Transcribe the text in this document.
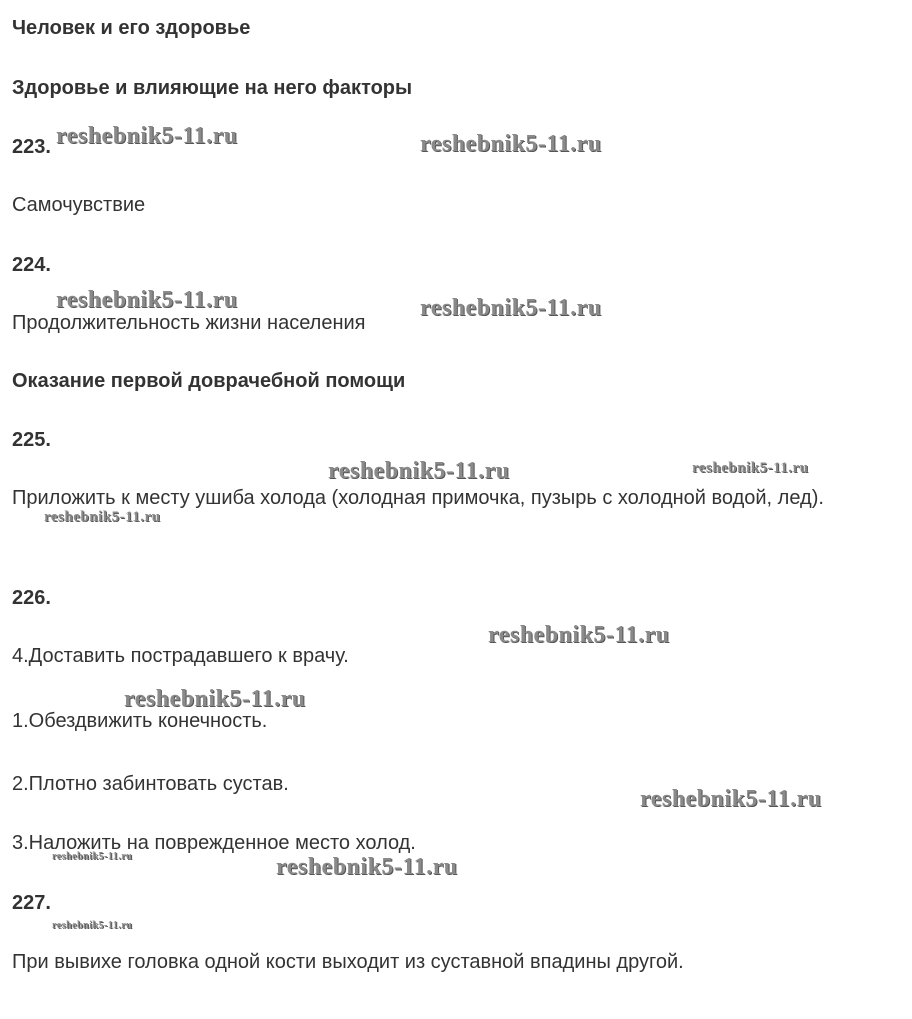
Человек и его здоровье
Здоровье и влияющие на него факторы
223.
Самочувствие
224.
Продолжительность жизни населения
Оказание первой доврачебной помощи
225.
Приложить к месту ушиба холода (холодная примочка, пузырь с холодной водой, лед).
226.
4.Доставить пострадавшего к врачу.
1.Обездвижить конечность.
2.Плотно забинтовать сустав.
3.Наложить на поврежденное место холод.
227.
При вывихе головка одной кости выходит из суставной впадины другой.
reshebnik5-11.ru	reshebnik5-11.ru
reshebnik5-11.ru	reshebnik5-11.ru
reshebnik5-11.ru	reshebnik5-11.ru
reshebnik5-11.ru
reshebnik5-11.ru
reshebnik5-11.ru
reshebnik5-11.ru
reshebnik5-11.ru	reshebnik5-11.ru
reshebnik5-11.ru
